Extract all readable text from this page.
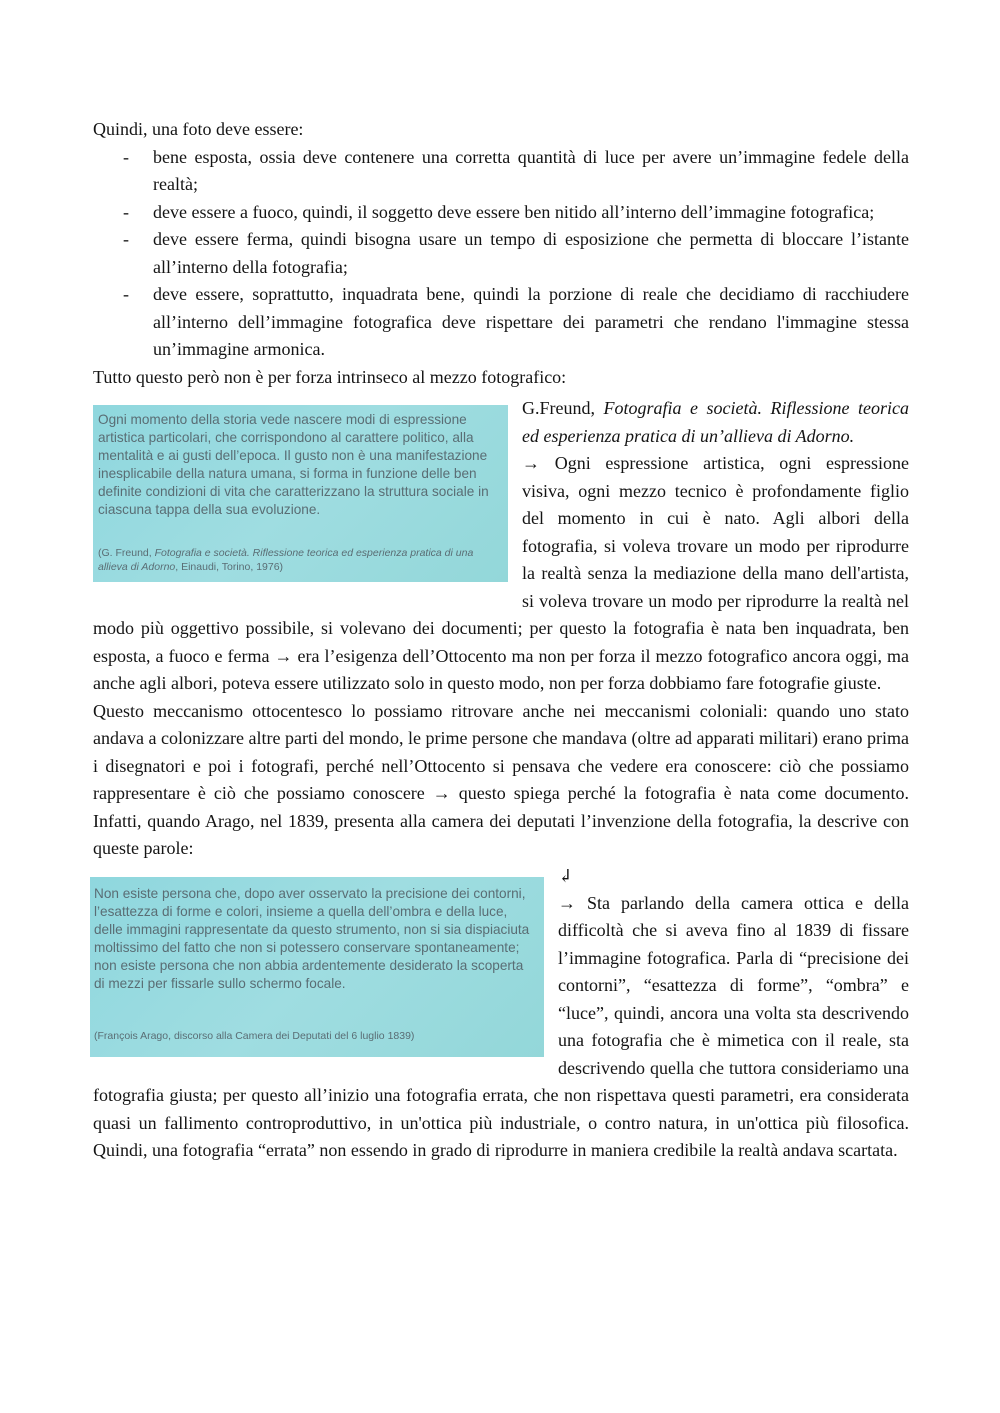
Quindi, una foto deve essere:

- bene esposta, ossia deve contenere una corretta quantità di luce per avere un’immagine fedele della realtà;
- deve essere a fuoco, quindi, il soggetto deve essere ben nitido all’interno dell’immagine fotografica;
- deve essere ferma, quindi bisogna usare un tempo di esposizione che permetta di bloccare l’istante all’interno della fotografia;
- deve essere, soprattutto, inquadrata bene, quindi la porzione di reale che decidiamo di racchiudere all’interno dell’immagine fotografica deve rispettare dei parametri che rendano l'immagine stessa un’immagine armonica.

Tutto questo però non è per forza intrinseco al mezzo fotografico:

Ogni momento della storia vede nascere modi di espressione artistica particolari, che corrispondono al carattere politico, alla mentalità e ai gusti dell’epoca. Il gusto non è una manifestazione inesplicabile della natura umana, si forma in funzione delle ben definite condizioni di vita che caratterizzano la struttura sociale in ciascuna tappa della sua evoluzione.

(G. Freund, Fotografia e società. Riflessione teorica ed esperienza pratica di una allieva di Adorno, Einaudi, Torino, 1976)

G.Freund, Fotografia e società. Riflessione teorica ed esperienza pratica di un’allieva di Adorno.
→ Ogni espressione artistica, ogni espressione visiva, ogni mezzo tecnico è profondamente figlio del momento in cui è nato. Agli albori della fotografia, si voleva trovare un modo per riprodurre la realtà senza la mediazione della mano dell'artista, si voleva trovare un modo per riprodurre la realtà nel modo più oggettivo possibile, si volevano dei documenti; per questo la fotografia è nata ben inquadrata, ben esposta, a fuoco e ferma → era l’esigenza dell’Ottocento ma non per forza il mezzo fotografico ancora oggi, ma anche agli albori, poteva essere utilizzato solo in questo modo, non per forza dobbiamo fare fotografie giuste.

Questo meccanismo ottocentesco lo possiamo ritrovare anche nei meccanismi coloniali: quando uno stato andava a colonizzare altre parti del mondo, le prime persone che mandava (oltre ad apparati militari) erano prima i disegnatori e poi i fotografi, perché nell’Ottocento si pensava che vedere era conoscere: ciò che possiamo rappresentare è ciò che possiamo conoscere → questo spiega perché la fotografia è nata come documento. Infatti, quando Arago, nel 1839, presenta alla camera dei deputati l’invenzione della fotografia, la descrive con queste parole:

Non esiste persona che, dopo aver osservato la precisione dei contorni, l’esattezza di forme e colori, insieme a quella dell’ombra e della luce, delle immagini rappresentate da questo strumento, non si sia dispiaciuta moltissimo del fatto che non si potessero conservare spontaneamente; non esiste persona che non abbia ardentemente desiderato la scoperta di mezzi per fissarle sullo schermo focale.

(François Arago, discorso alla Camera dei Deputati del 6 luglio 1839)

↲
→ Sta parlando della camera ottica e della difficoltà che si aveva fino al 1839 di fissare l’immagine fotografica. Parla di “precisione dei contorni”, “esattezza di forme”, “ombra” e “luce”, quindi, ancora una volta sta descrivendo una fotografia che è mimetica con il reale, sta descrivendo quella che tuttora consideriamo una fotografia giusta; per questo all’inizio una fotografia errata, che non rispettava questi parametri, era considerata quasi un fallimento controproduttivo, in un'ottica più industriale, o contro natura, in un'ottica più filosofica. Quindi, una fotografia “errata” non essendo in grado di riprodurre in maniera credibile la realtà andava scartata.
